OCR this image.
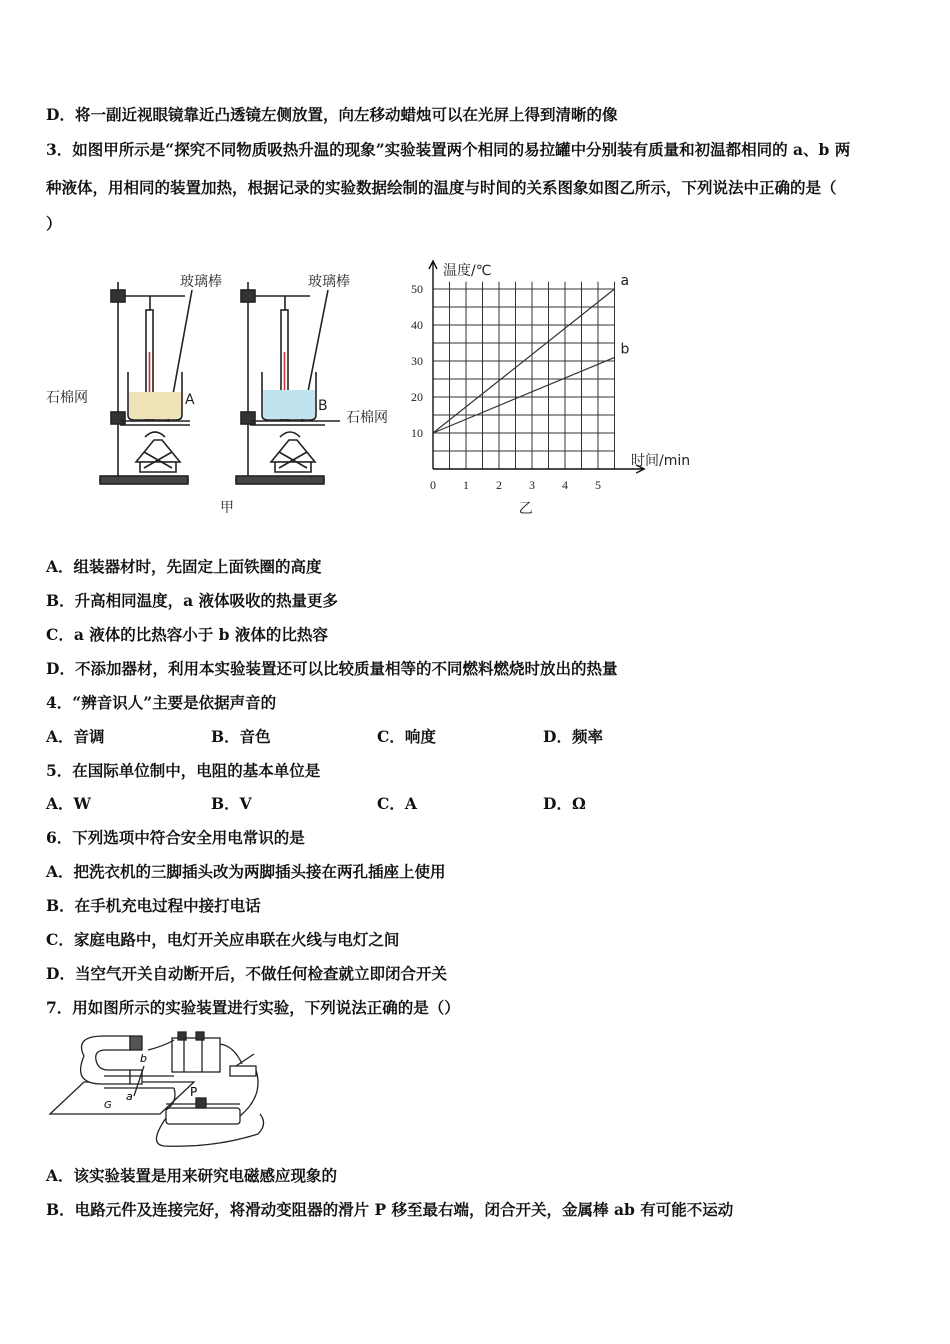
D．将一副近视眼镜靠近凸透镜左侧放置，向左移动蜡烛可以在光屏上得到清晰的像
3．如图甲所示是“探究不同物质吸热升温的现象”实验装置两个相同的易拉罐中分别装有质量和初温都相同的 a、b 两
种液体，用相同的装置加热，根据记录的实验数据绘制的温度与时间的关系图象如图乙所示，下列说法中正确的是（
）
玻璃棒	玻璃棒
石棉网
石棉网
A	B
甲
0 1 2 3 4 5
10
20
30
40
50
温度/℃
时间/min
乙
a
b
A．组装器材时，先固定上面铁圈的高度
B．升高相同温度，a 液体吸收的热量更多
C．a 液体的比热容小于 b 液体的比热容
D．不添加器材，利用本实验装置还可以比较质量相等的不同燃料燃烧时放出的热量
4．“辨音识人”主要是依据声音的
A．音调	B．音色	C．响度	D．频率
5．在国际单位制中，电阻的基本单位是
A．W	B．V	C．A	D．Ω
6．下列选项中符合安全用电常识的是
A．把洗衣机的三脚插头改为两脚插头接在两孔插座上使用
B．在手机充电过程中接打电话
C．家庭电路中，电灯开关应串联在火线与电灯之间
D．当空气开关自动断开后，不做任何检查就立即闭合开关
7．用如图所示的实验装置进行实验，下列说法正确的是（）
b
a	P
G
A．该实验装置是用来研究电磁感应现象的
B．电路元件及连接完好，将滑动变阻器的滑片 P 移至最右端，闭合开关，金属棒 ab 有可能不运动
